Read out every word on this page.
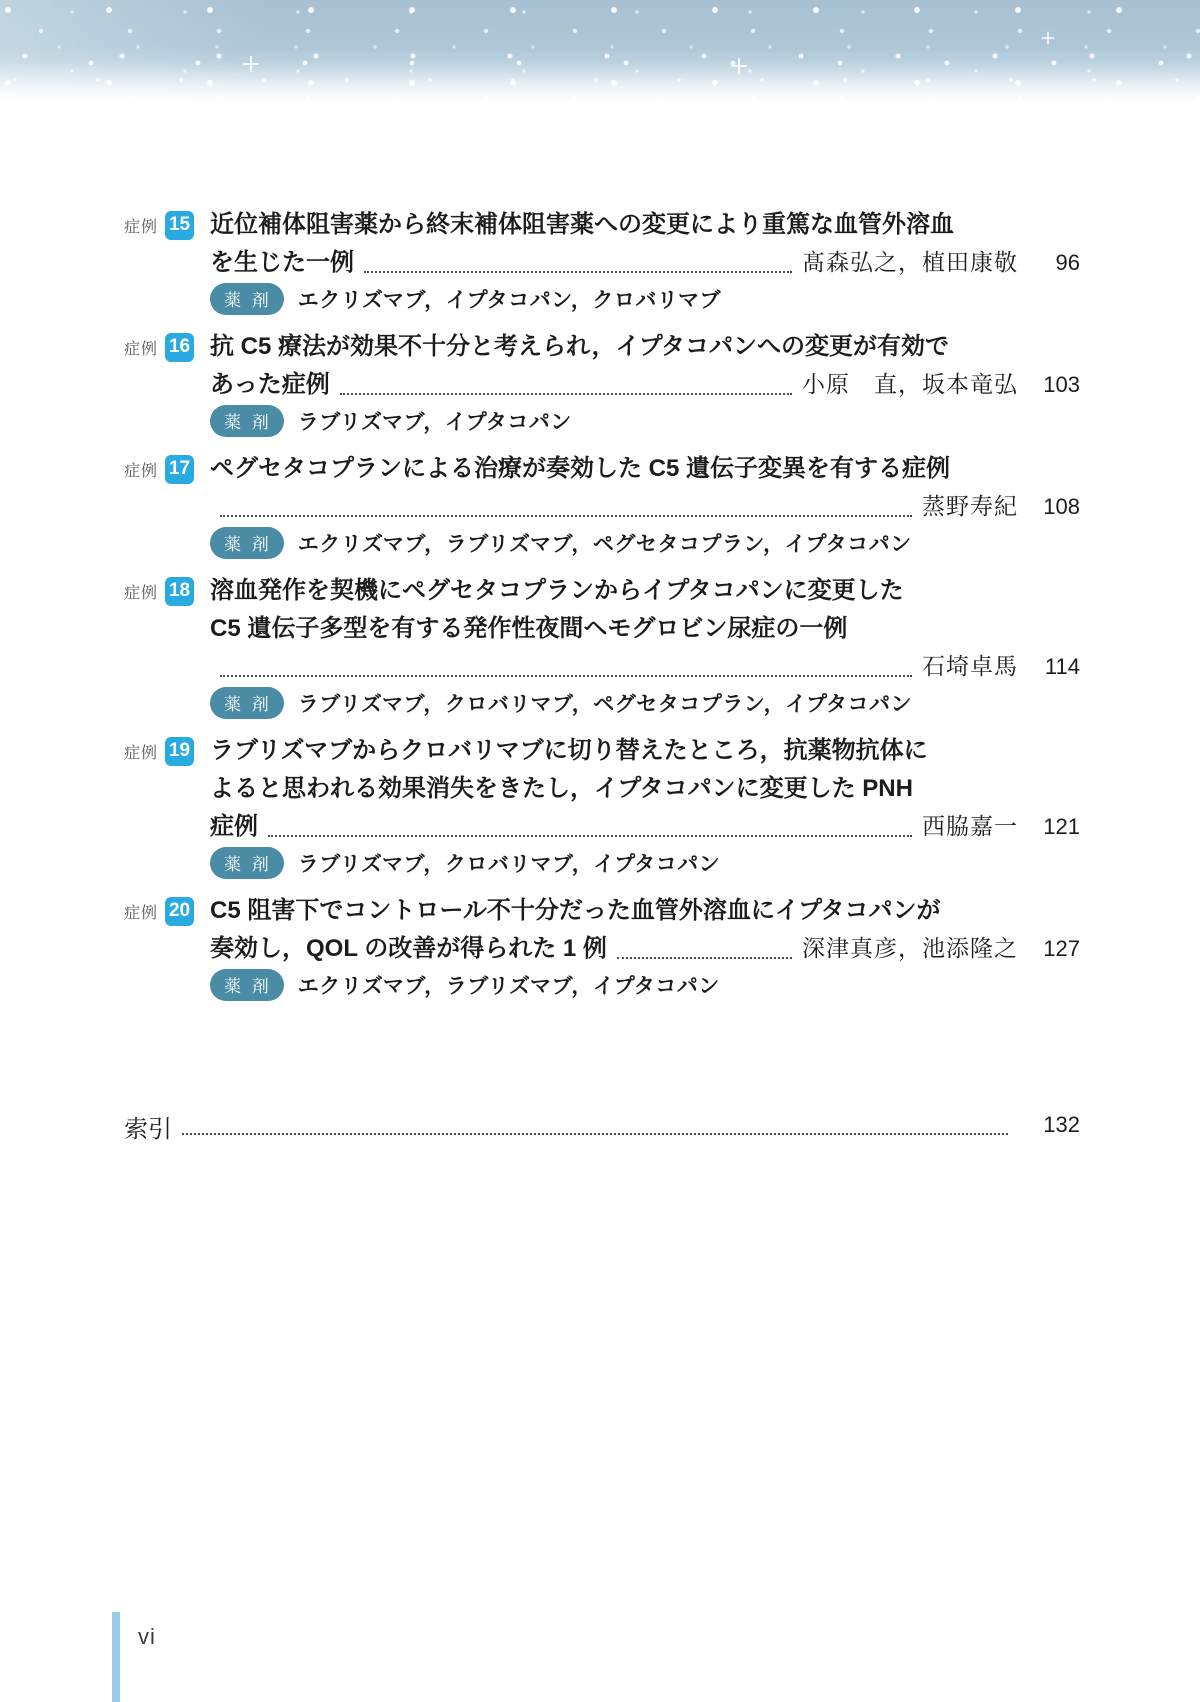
症例 15 近位補体阻害薬から終末補体阻害薬への変更により重篤な血管外溶血
を生じた一例	髙森弘之，植田康敬	96
薬 剤	エクリズマブ，イプタコパン，クロバリマブ
症例 16 抗 C5 療法が効果不十分と考えられ，イプタコパンへの変更が有効で
あった症例	小原　直，坂本竜弘	103
薬 剤	ラブリズマブ，イプタコパン
症例 17 ペグセタコプランによる治療が奏効した C5 遺伝子変異を有する症例
蒸野寿紀	108
薬 剤	エクリズマブ，ラブリズマブ，ペグセタコプラン，イプタコパン
症例 18 溶血発作を契機にペグセタコプランからイプタコパンに変更した
C5 遺伝子多型を有する発作性夜間ヘモグロビン尿症の一例
石埼卓馬	114
薬 剤	ラブリズマブ，クロバリマブ，ペグセタコプラン，イプタコパン
症例 19 ラブリズマブからクロバリマブに切り替えたところ，抗薬物抗体に
よると思われる効果消失をきたし，イプタコパンに変更した PNH
症例	西脇嘉一	121
薬 剤	ラブリズマブ，クロバリマブ，イプタコパン
症例 20 C5 阻害下でコントロール不十分だった血管外溶血にイプタコパンが
奏効し，QOL の改善が得られた 1 例	深津真彦，池添隆之	127
薬 剤	エクリズマブ，ラブリズマブ，イプタコパン
索引	132
vi
